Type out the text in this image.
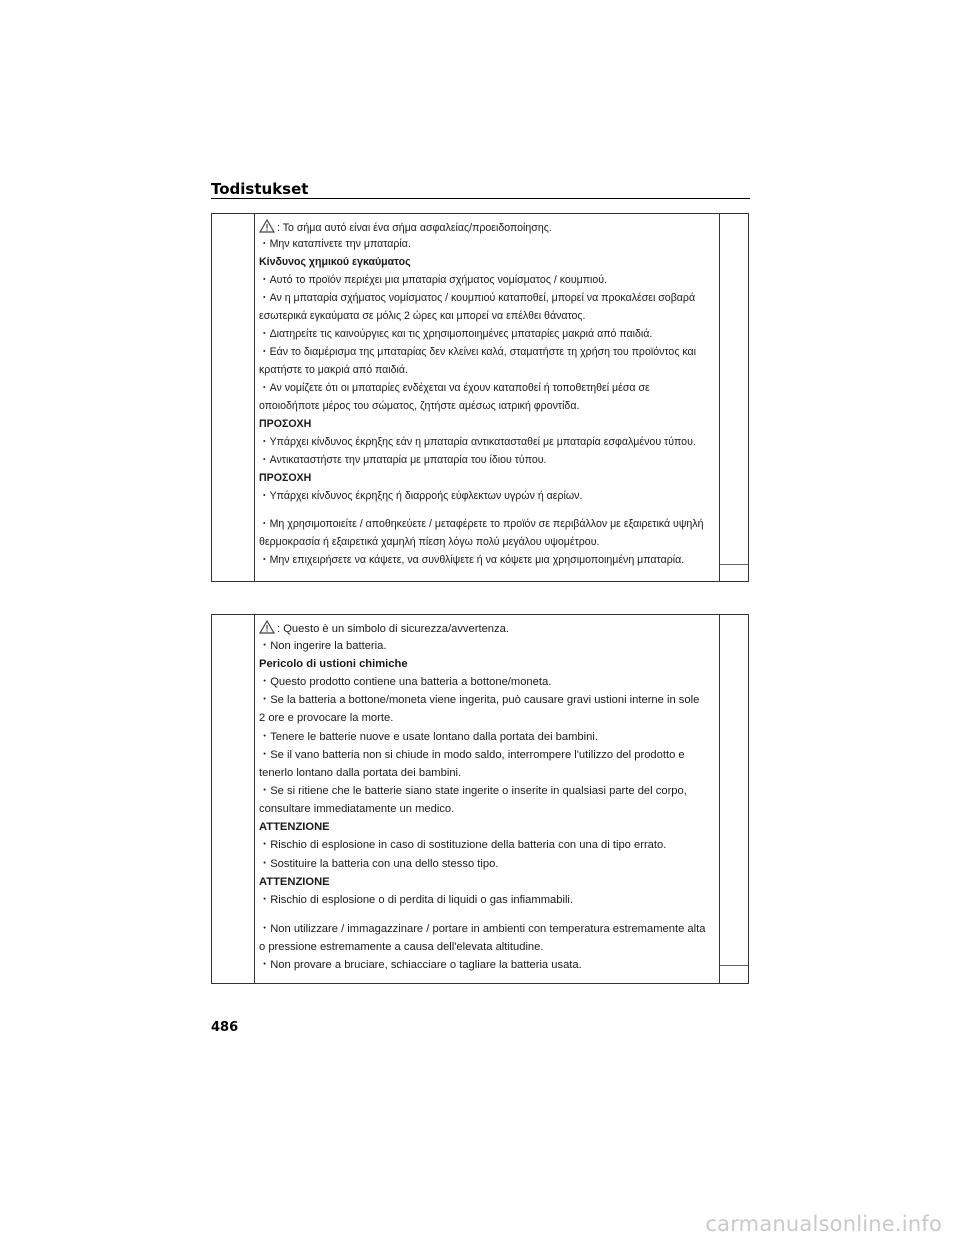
Todistukset
: Το σήμα αυτό είναι ένα σήμα ασφαλείας/προειδοποίησης.
・Μην καταπίνετε την μπαταρία.
Κίνδυνος χημικού εγκαύματος
・Αυτό το προϊόν περιέχει μια μπαταρία σχήματος νομίσματος / κουμπιού.
・Αν η μπαταρία σχήματος νομίσματος / κουμπιού καταποθεί, μπορεί να προκαλέσει σοβαρά
εσωτερικά εγκαύματα σε μόλις 2 ώρες και μπορεί να επέλθει θάνατος.
・Διατηρείτε τις καινούργιες και τις χρησιμοποιημένες μπαταρίες μακριά από παιδιά.
・Εάν το διαμέρισμα της μπαταρίας δεν κλείνει καλά, σταματήστε τη χρήση του προϊόντος και
κρατήστε το μακριά από παιδιά.
・Αν νομίζετε ότι οι μπαταρίες ενδέχεται να έχουν καταποθεί ή τοποθετηθεί μέσα σε
οποιοδήποτε μέρος του σώματος, ζητήστε αμέσως ιατρική φροντίδα.
ΠΡΟΣΟΧΗ
・Υπάρχει κίνδυνος έκρηξης εάν η μπαταρία αντικατασταθεί με μπαταρία εσφαλμένου τύπου.
・Αντικαταστήστε την μπαταρία με μπαταρία του ίδιου τύπου.
ΠΡΟΣΟΧΗ
・Υπάρχει κίνδυνος έκρηξης ή διαρροής εύφλεκτων υγρών ή αερίων.
・Μη χρησιμοποιείτε / αποθηκεύετε / μεταφέρετε το προϊόν σε περιβάλλον με εξαιρετικά υψηλή
θερμοκρασία ή εξαιρετικά χαμηλή πίεση λόγω πολύ μεγάλου υψομέτρου.
・Μην επιχειρήσετε να κάψετε, να συνθλίψετε ή να κόψετε μια χρησιμοποιημένη μπαταρία.
: Questo è un simbolo di sicurezza/avvertenza.
・Non ingerire la batteria.
Pericolo di ustioni chimiche
・Questo prodotto contiene una batteria a bottone/moneta.
・Se la batteria a bottone/moneta viene ingerita, può causare gravi ustioni interne in sole
2 ore e provocare la morte.
・Tenere le batterie nuove e usate lontano dalla portata dei bambini.
・Se il vano batteria non si chiude in modo saldo, interrompere l'utilizzo del prodotto e
tenerlo lontano dalla portata dei bambini.
・Se si ritiene che le batterie siano state ingerite o inserite in qualsiasi parte del corpo,
consultare immediatamente un medico.
ATTENZIONE
・Rischio di esplosione in caso di sostituzione della batteria con una di tipo errato.
・Sostituire la batteria con una dello stesso tipo.
ATTENZIONE
・Rischio di esplosione o di perdita di liquidi o gas infiammabili.
・Non utilizzare / immagazzinare / portare in ambienti con temperatura estremamente alta
o pressione estremamente a causa dell'elevata altitudine.
・Non provare a bruciare, schiacciare o tagliare la batteria usata.
486
carmanualsonline.info
